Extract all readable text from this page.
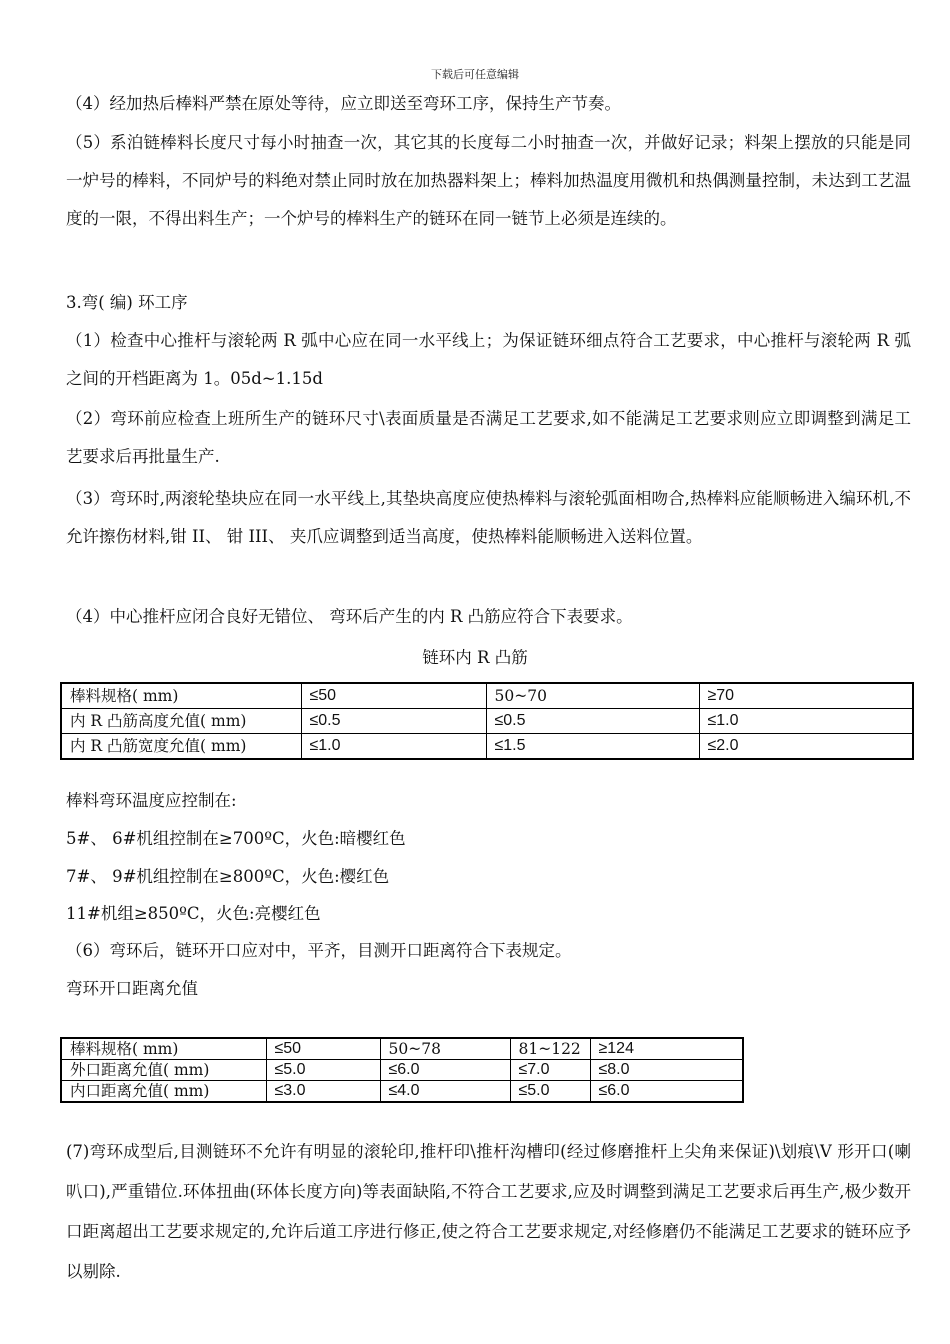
下载后可任意编辑
（4）经加热后棒料严禁在原处等待，应立即送至弯环工序，保持生产节奏。
（5）系泊链棒料长度尺寸每小时抽查一次，其它其的长度每二小时抽查一次，并做好记录；料架上摆放的只能是同一炉号的棒料，不同炉号的料绝对禁止同时放在加热器料架上；棒料加热温度用微机和热偶测量控制，未达到工艺温度的一限，不得出料生产；一个炉号的棒料生产的链环在同一链节上必须是连续的。
3.弯( 编) 环工序
（1）检查中心推杆与滚轮两 R 弧中心应在同一水平线上；为保证链环细点符合工艺要求，中心推杆与滚轮两 R 弧之间的开档距离为 1。05d~1.15d
（2）弯环前应检查上班所生产的链环尺寸\表面质量是否满足工艺要求,如不能满足工艺要求则应立即调整到满足工艺要求后再批量生产.
（3）弯环时,两滚轮垫块应在同一水平线上,其垫块高度应使热棒料与滚轮弧面相吻合,热棒料应能顺畅进入编环机,不允许擦伤材料,钳 II、 钳 III、 夹爪应调整到适当高度，使热棒料能顺畅进入送料位置。
（4）中心推杆应闭合良好无错位、 弯环后产生的内 R 凸筋应符合下表要求。
链环内 R 凸筋
棒料规格( mm)	≤50	50~70	≥70
内 R 凸筋高度允值( mm)	≤0.5	≤0.5	≤1.0
内 R 凸筋宽度允值( mm)	≤1.0	≤1.5	≤2.0
棒料弯环温度应控制在:
5#、 6#机组控制在≥700ºC，火色:暗樱红色
7#、 9#机组控制在≥800ºC，火色:樱红色
11#机组≥850ºC，火色:亮樱红色
（6）弯环后，链环开口应对中，平齐，目测开口距离符合下表规定。
弯环开口距离允值
棒料规格( mm)	≤50	50~78	81~122	≥124
外口距离允值( mm)	≤5.0	≤6.0	≤7.0	≤8.0
内口距离允值( mm)	≤3.0	≤4.0	≤5.0	≤6.0
(7)弯环成型后,目测链环不允许有明显的滚轮印,推杆印\推杆沟槽印(经过修磨推杆上尖角来保证)\划痕\V 形开口(喇叭口),严重错位.环体扭曲(环体长度方向)等表面缺陷,不符合工艺要求,应及时调整到满足工艺要求后再生产,极少数开口距离超出工艺要求规定的,允许后道工序进行修正,使之符合工艺要求规定,对经修磨仍不能满足工艺要求的链环应予以剔除.
